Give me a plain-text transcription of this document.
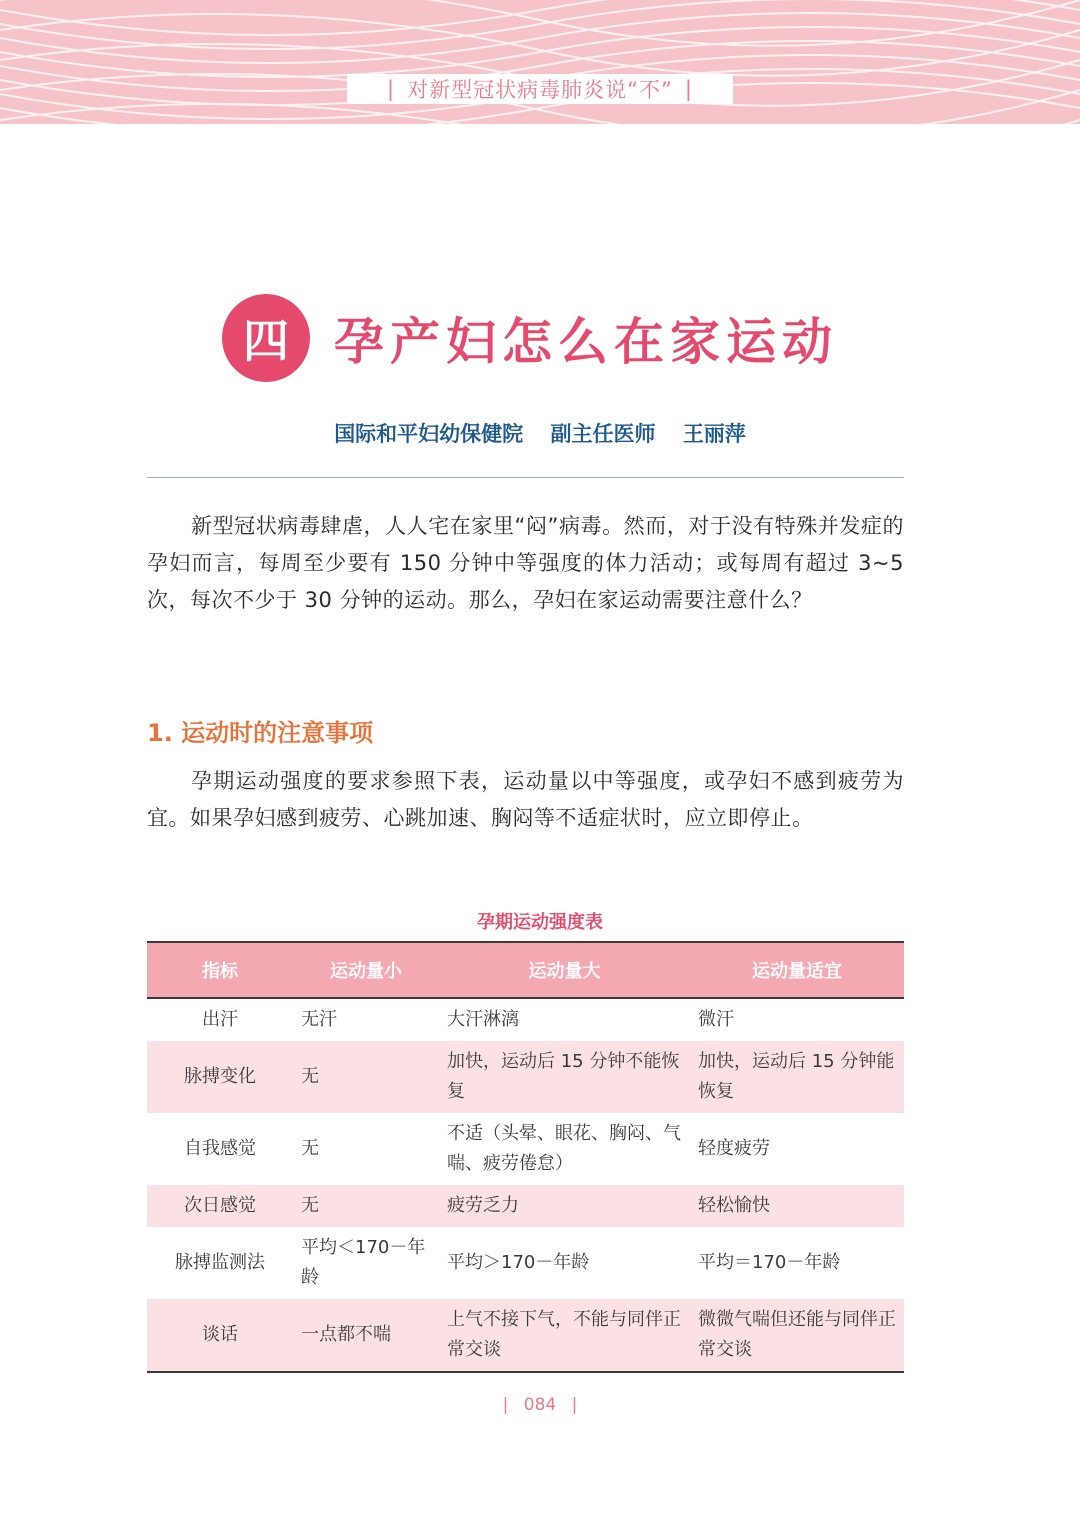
| 对新型冠状病毒肺炎说“不” |
四 孕产妇怎么在家运动
国际和平妇幼保健院 副主任医师 王丽萍
新型冠状病毒肆虐，人人宅在家里“闷”病毒。然而，对于没有特殊并发症的孕妇而言，每周至少要有 150 分钟中等强度的体力活动；或每周有超过 3~5 次，每次不少于 30 分钟的运动。那么，孕妇在家运动需要注意什么？
1. 运动时的注意事项
孕期运动强度的要求参照下表，运动量以中等强度，或孕妇不感到疲劳为宜。如果孕妇感到疲劳、心跳加速、胸闷等不适症状时，应立即停止。
孕期运动强度表
指标	运动量小	运动量大	运动量适宜
出汗	无汗	大汗淋漓	微汗
脉搏变化	无	加快，运动后 15 分钟不能恢复	加快，运动后 15 分钟能恢复
自我感觉	无	不适（头晕、眼花、胸闷、气喘、疲劳倦怠）	轻度疲劳
次日感觉	无	疲劳乏力	轻松愉快
脉搏监测法	平均＜170－年龄	平均＞170－年龄	平均＝170－年龄
谈话	一点都不喘	上气不接下气，不能与同伴正常交谈	微微气喘但还能与同伴正常交谈
| 084 |
